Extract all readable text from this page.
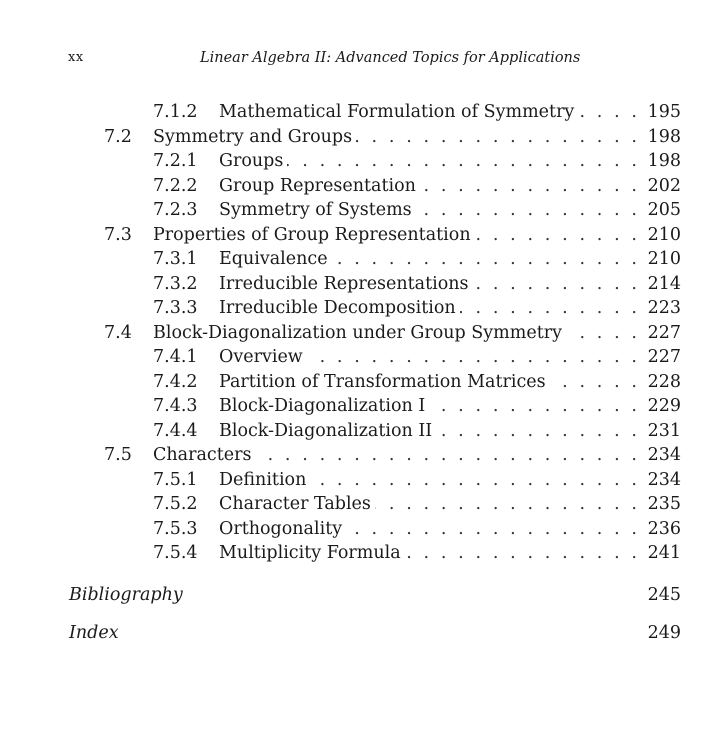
xx	Linear Algebra II: Advanced Topics for Applications
7.1.2 Mathematical Formulation of Symmetry . . .	195
7.2 Symmetry and Groups . . .	198
7.2.1 Groups . . .	198
7.2.2 Group Representation . . .	202
7.2.3 Symmetry of Systems . . .	205
7.3 Properties of Group Representation . . .	210
7.3.1 Equivalence . . .	210
7.3.2 Irreducible Representations . . .	214
7.3.3 Irreducible Decomposition . . .	223
7.4 Block-Diagonalization under Group Symmetry . . .	227
7.4.1 Overview . . .	227
7.4.2 Partition of Transformation Matrices . . .	228
7.4.3 Block-Diagonalization I . . .	229
7.4.4 Block-Diagonalization II . . .	231
7.5 Characters . . .	234
7.5.1 Definition . . .	234
7.5.2 Character Tables . . .	235
7.5.3 Orthogonality . . .	236
7.5.4 Multiplicity Formula . . .	241
Bibliography	245
Index	249
